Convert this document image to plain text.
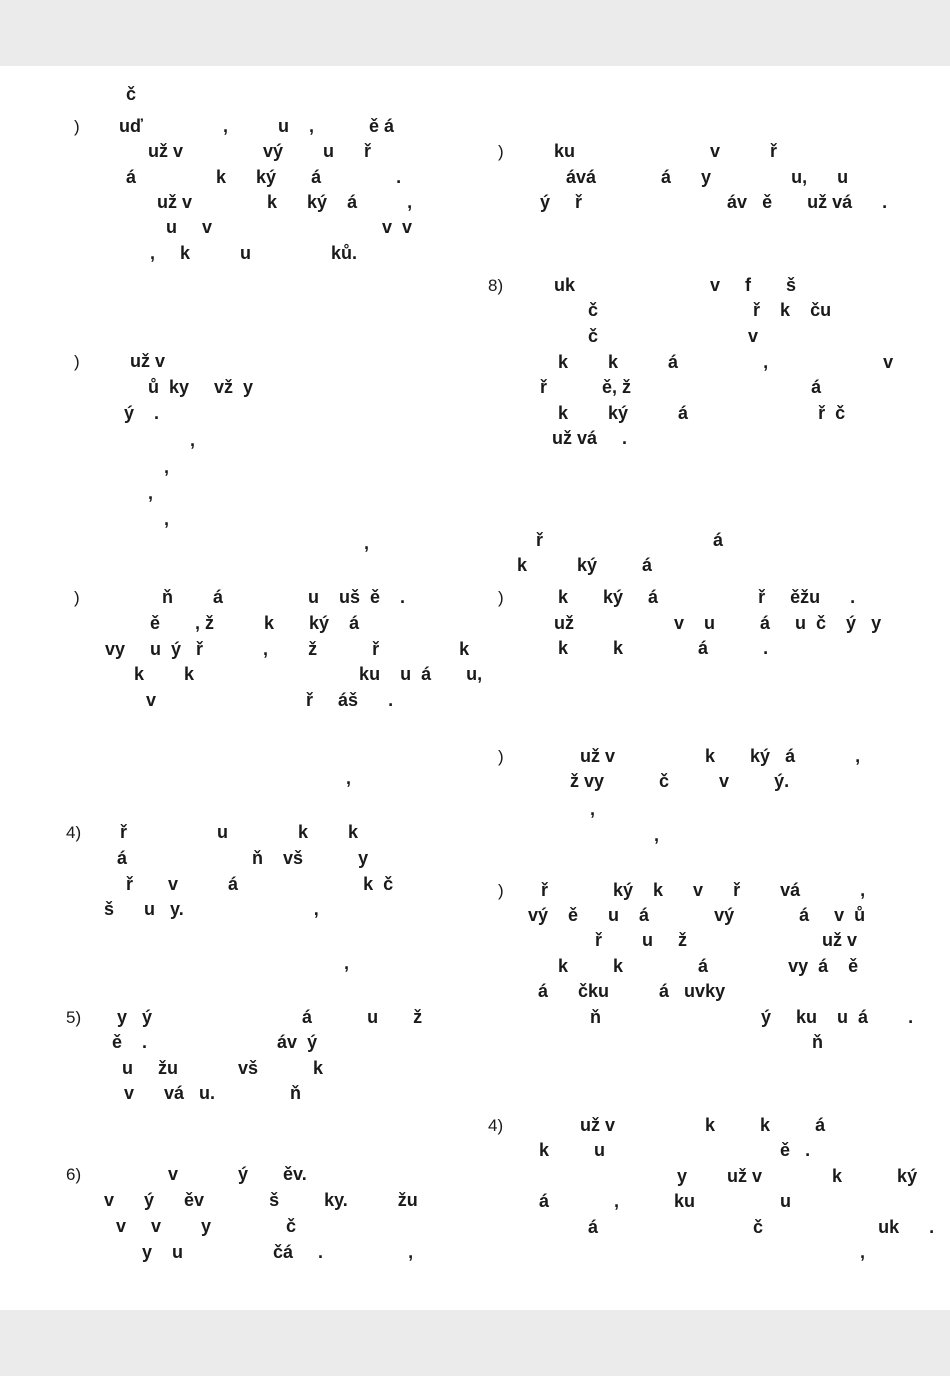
č
) uď                ,          u    ,           ě á
už v                vý        u      ř
á                k      ký       á               .
už v               k      ký    á          ,
u     v                                  v  v
,     k          u                ků.
)	už v
ů  ky     vž  y
ý    .
,
,
,
,
,
)	ň        á                 u    uš  ě    .
ě       , ž          k       ký    á
vy     u  ý   ř            ,        ž           ř                k
k        k                                 ku    u  á       u,
v                              ř     áš      .
,
4) ř                  u              k        k
á                         ň    vš           y
ř       v          á                         k  č
š      u   y.                          ,
,
5) y   ý                              á           u       ž
ě    .                          áv  ý
u     žu            vš           k
v      vá   u.               ň
6)	v            ý       ěv.
v      ý      ěv             š         ky.          žu
v     v        y               č
y    u                  čá     .                 ,
)	ku                           v          ř
ává             á      y                u,      u
ý     ř                             áv   ě       už vá      .
8)	uk                           v     f       š
č                               ř    k    ču
č                              v
k        k          á                 ,                       v
ř           ě, ž                                    á
k        ký          á                          ř  č
už vá     .
ř                                  á
k          ký         á
)	k       ký     á                    ř     ěžu      .
už                    v    u         á     u  č    ý   y
k         k               á           .
)	už v                  k       ký   á            ,
ž vy           č          v         ý.
,
,
) ř             ký    k      v      ř        vá            ,
vý    ě      u    á             vý             á     v  ů
ř        u     ž                           už v
k         k               á                vy  á    ě
á      čku          á   uvky
ň                                ý     ku    u  á        .
ň
4)	už v                  k         k         á
k         u                                   ě   .
y        už v              k           ký
á             ,           ku                 u
á                               č                       uk      .
,
